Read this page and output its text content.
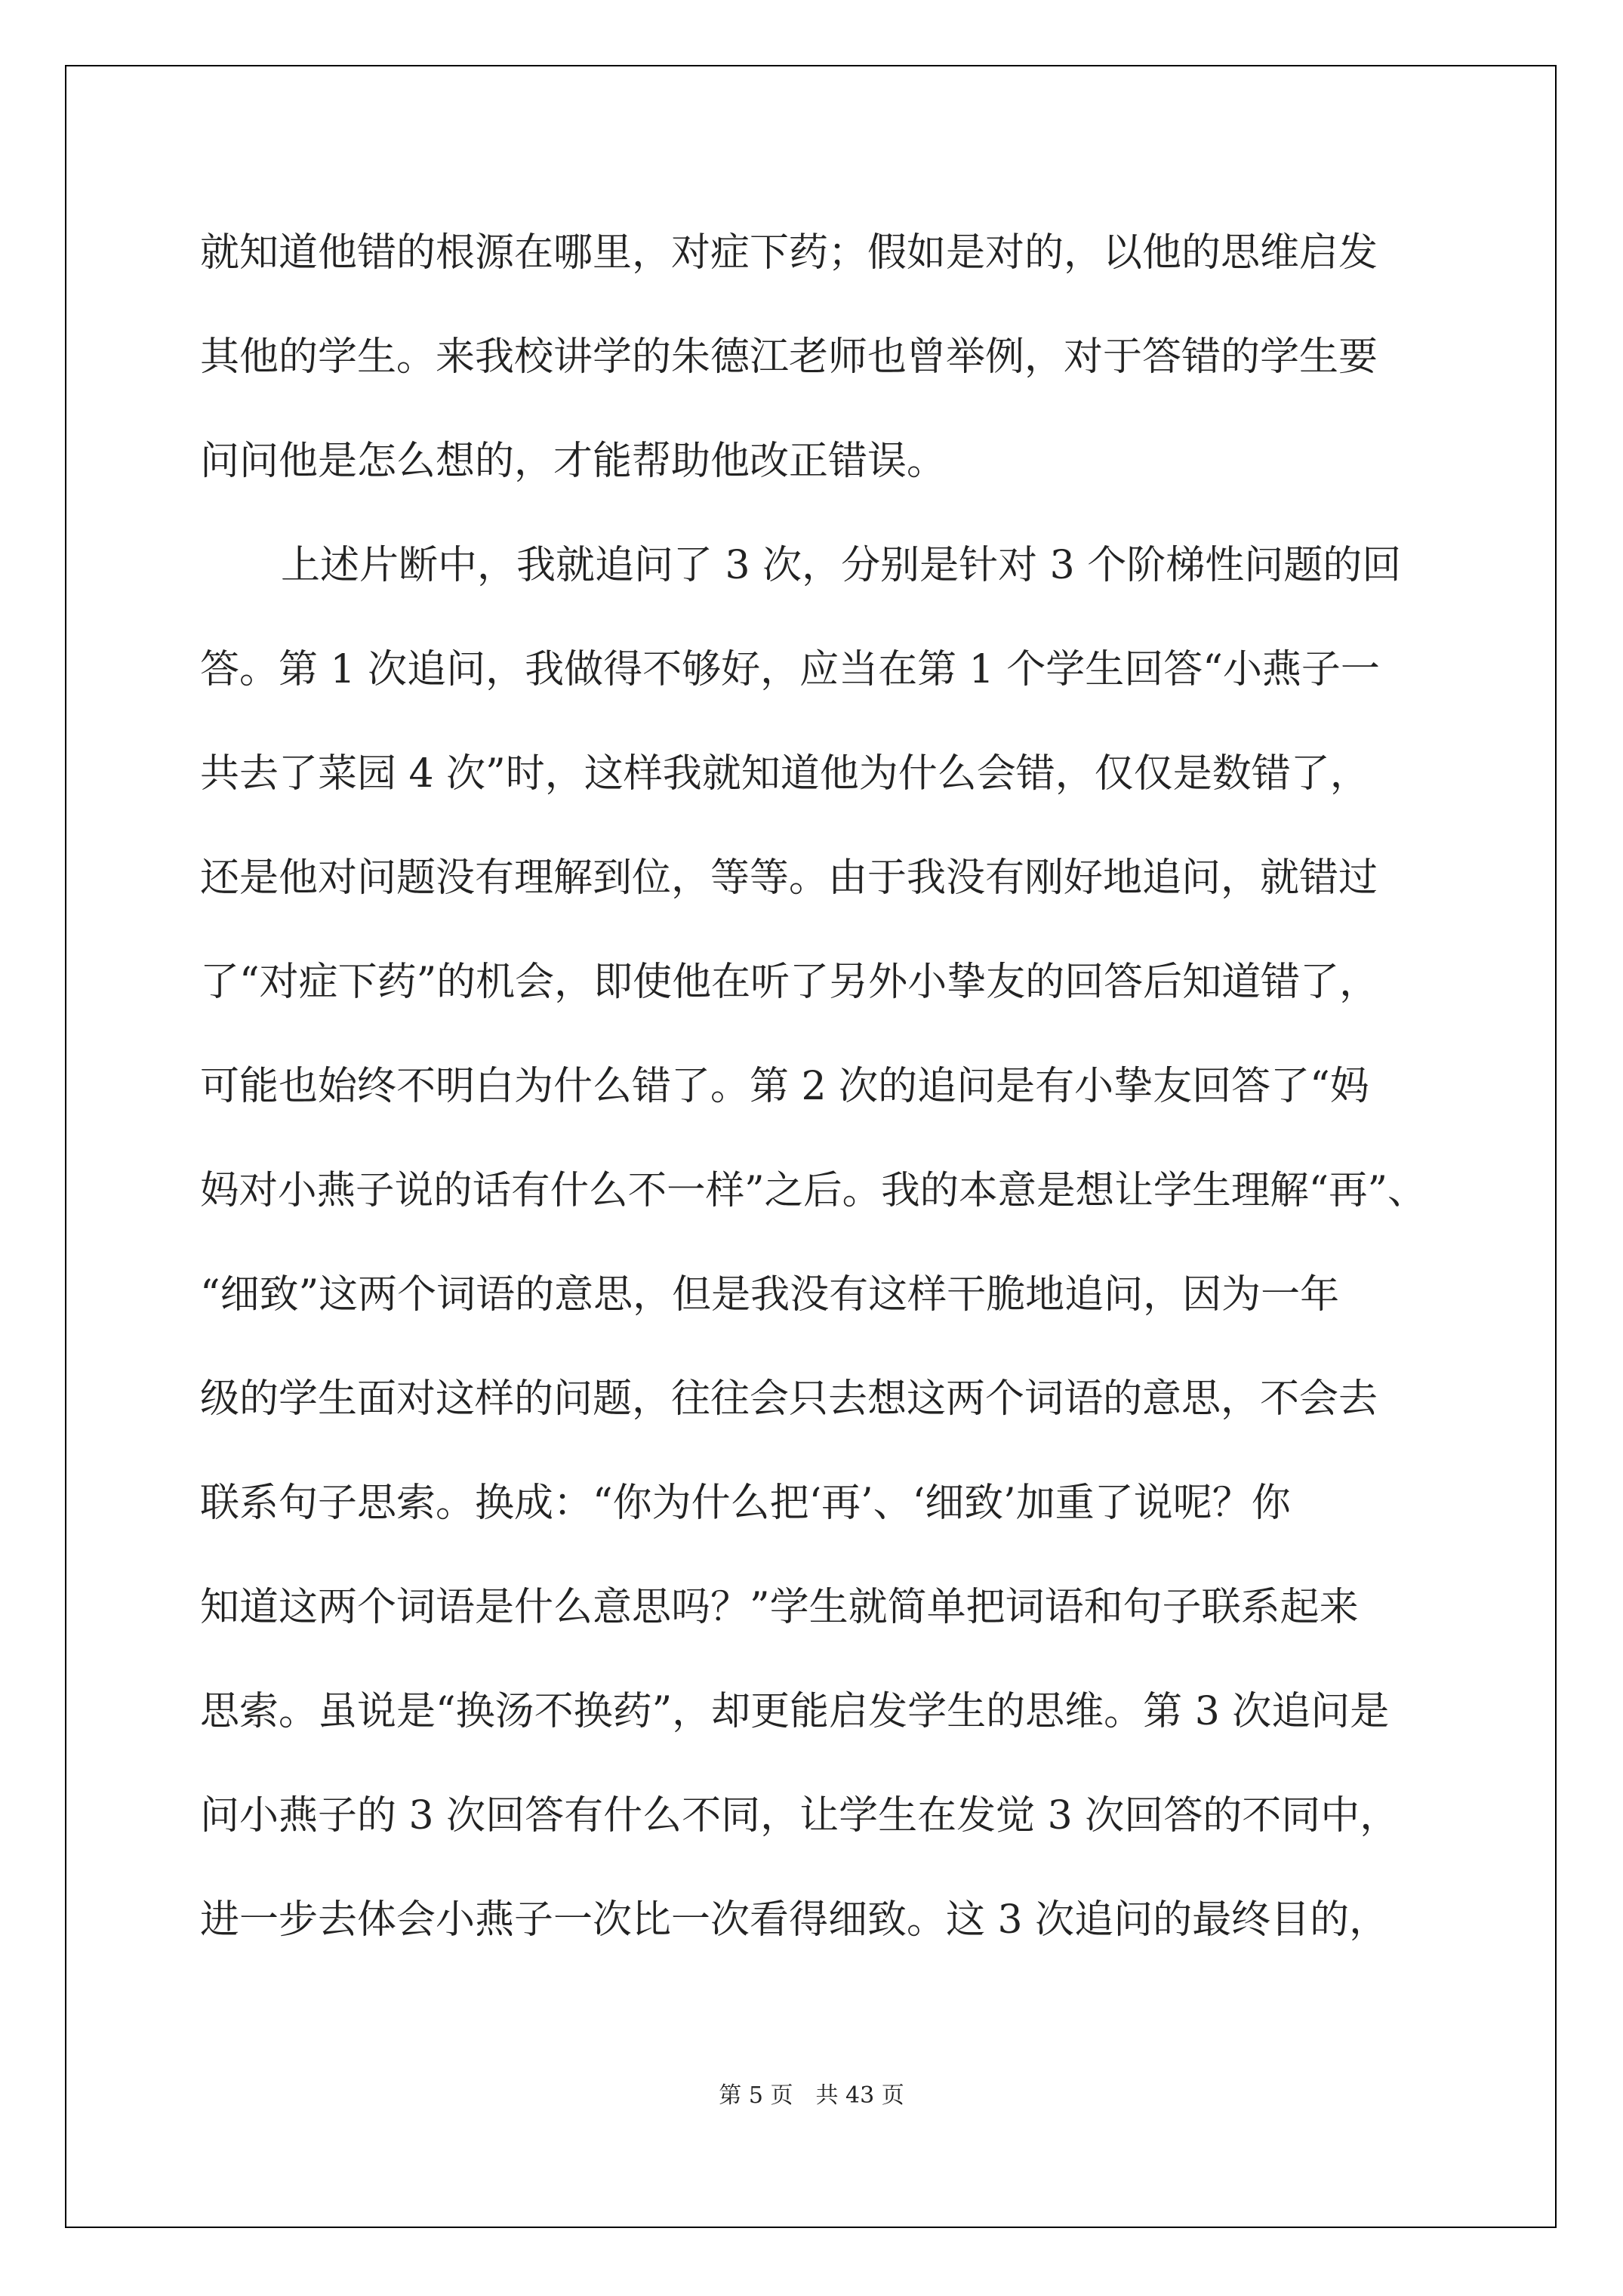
就知道他错的根源在哪里，对症下药；假如是对的，以他的思维启发
其他的学生。来我校讲学的朱德江老师也曾举例，对于答错的学生要
问问他是怎么想的，才能帮助他改正错误。
上述片断中，我就追问了 3 次，分别是针对 3 个阶梯性问题的回
答。第 1 次追问，我做得不够好，应当在第 1 个学生回答“小燕子一
共去了菜园 4 次”时，这样我就知道他为什么会错，仅仅是数错了，
还是他对问题没有理解到位，等等。由于我没有刚好地追问，就错过
了“对症下药”的机会，即使他在听了另外小挚友的回答后知道错了，
可能也始终不明白为什么错了。第 2 次的追问是有小挚友回答了“妈
妈对小燕子说的话有什么不一样”之后。我的本意是想让学生理解“再”、
“细致”这两个词语的意思，但是我没有这样干脆地追问，因为一年
级的学生面对这样的问题，往往会只去想这两个词语的意思，不会去
联系句子思索。换成：“你为什么把‘再’、‘细致’加重了说呢？你
知道这两个词语是什么意思吗？”学生就简单把词语和句子联系起来
思索。虽说是“换汤不换药”，却更能启发学生的思维。第 3 次追问是
问小燕子的 3 次回答有什么不同，让学生在发觉 3 次回答的不同中，
进一步去体会小燕子一次比一次看得细致。这 3 次追问的最终目的，
第 5 页　共 43 页
